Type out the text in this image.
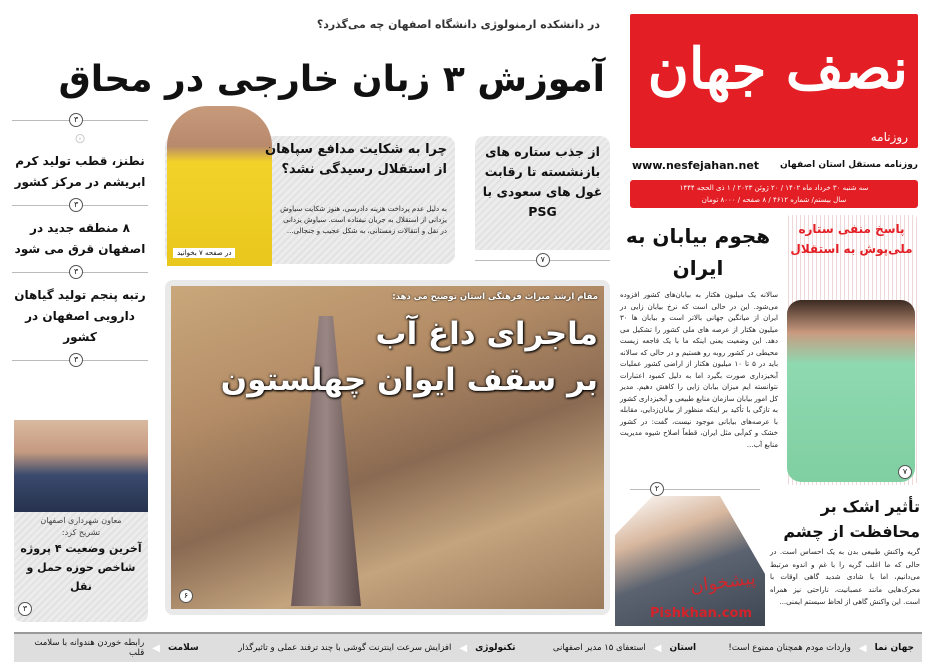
نصف جهان
روزنامه
روزنامه مستقل استان اصفهان
www.nesfejahan.net
سه شنبه ۳۰ خرداد ماه ۱۴۰۲ / ۲۰ ژوئن ۲۰۲۳ / ۱ ذی الحجه ۱۴۴۴
سال بیستم/ شماره ۴۶۱۲ / ۸ صفحه / ۸۰۰۰ تومان
در دانشکده ارمنولوژی دانشگاه اصفهان چه می‌گذرد؟
آموزش ۳ زبان خارجی در محاق
۳
⊙
نطنز، قطب تولید کرم ابریشم در مرکز کشور
۳
۸ منطقه جدید در اصفهان قرق می شود
۳
رتبه پنجم تولید گیاهان دارویی اصفهان در کشور
۳
معاون شهرداری اصفهان
تشریح کرد:
آخرین وضعیت ۴ پروژه شاخص حوزه حمل و نقل
۳
چرا به شکایت مدافع سپاهان از استقلال رسیدگی نشد؟
به دلیل عدم پرداخت هزینه دادرسی، هنوز شکایت سیاوش یزدانی از استقلال به جریان نیفتاده است. سیاوش یزدانی در نقل و انتقالات زمستانی، به شکل عجیب و جنجالی...
در صفحه ۷ بخوانید
از جذب ستاره های بازنشسته تا رقابت غول های سعودی با PSG
۷
مقام ارشد میراث فرهنگی استان توضیح می دهد:
ماجرای داغ آب
بر سقف ایوان چهلستون
۶
هجوم بیابان به ایران
سالانه یک میلیون هکتار به بیابان‌های کشور افزوده می‌شود. این در حالی است که نرخ بیابان زایی در ایران از میانگین جهانی بالاتر است و بیابان ها ۳۰ میلیون هکتار از عرصه های ملی کشور را تشکیل می دهد. این وضعیت یعنی اینکه ما با یک فاجعه زیست محیطی در کشور روبه رو هستیم و در حالی که سالانه باید در ۵ تا ۱۰ میلیون هکتار از اراضی کشور عملیات آبخیزداری صورت بگیرد اما به دلیل کمبود اعتبارات نتوانسته ایم میزان بیابان زایی را کاهش دهیم. مدیر کل امور بیابان سازمان منابع طبیعی و آبخیزداری کشور به تازگی با تأکید بر اینکه منظور از بیابان‌زدایی، مقابله با عرصه‌های بیابانی موجود نیست، گفت: در کشور خشک و کم‌آبی مثل ایران، قطعاً اصلاح شیوه مدیریت منابع آب...
۲
پاسخ منفی ستاره ملی‌پوش به استقلال
۷
تأثیر اشک بر محافظت از چشم
گریه واکنش طبیعی بدن به یک احساس است. در حالی که ما اغلب گریه را با غم و اندوه مرتبط می‌دانیم، اما با شادی شدید گاهی اوقات با محرک‌هایی مانند عصبانیت، ناراحتی نیز همراه است. این واکنش گاهی از لحاظ سیستم ایمنی...
پیشخوان
Pishkhan.com
جهان نما
◀
واردات مودم همچنان ممنوع است!
استان
◀
استعفای ۱۵ مدیر اصفهانی
تکنولوژی
◀
افزایش سرعت اینترنت گوشی با چند ترفند عملی و تاثیرگذار
سلامت
◀
رابطه خوردن هندوانه با سلامت قلب
